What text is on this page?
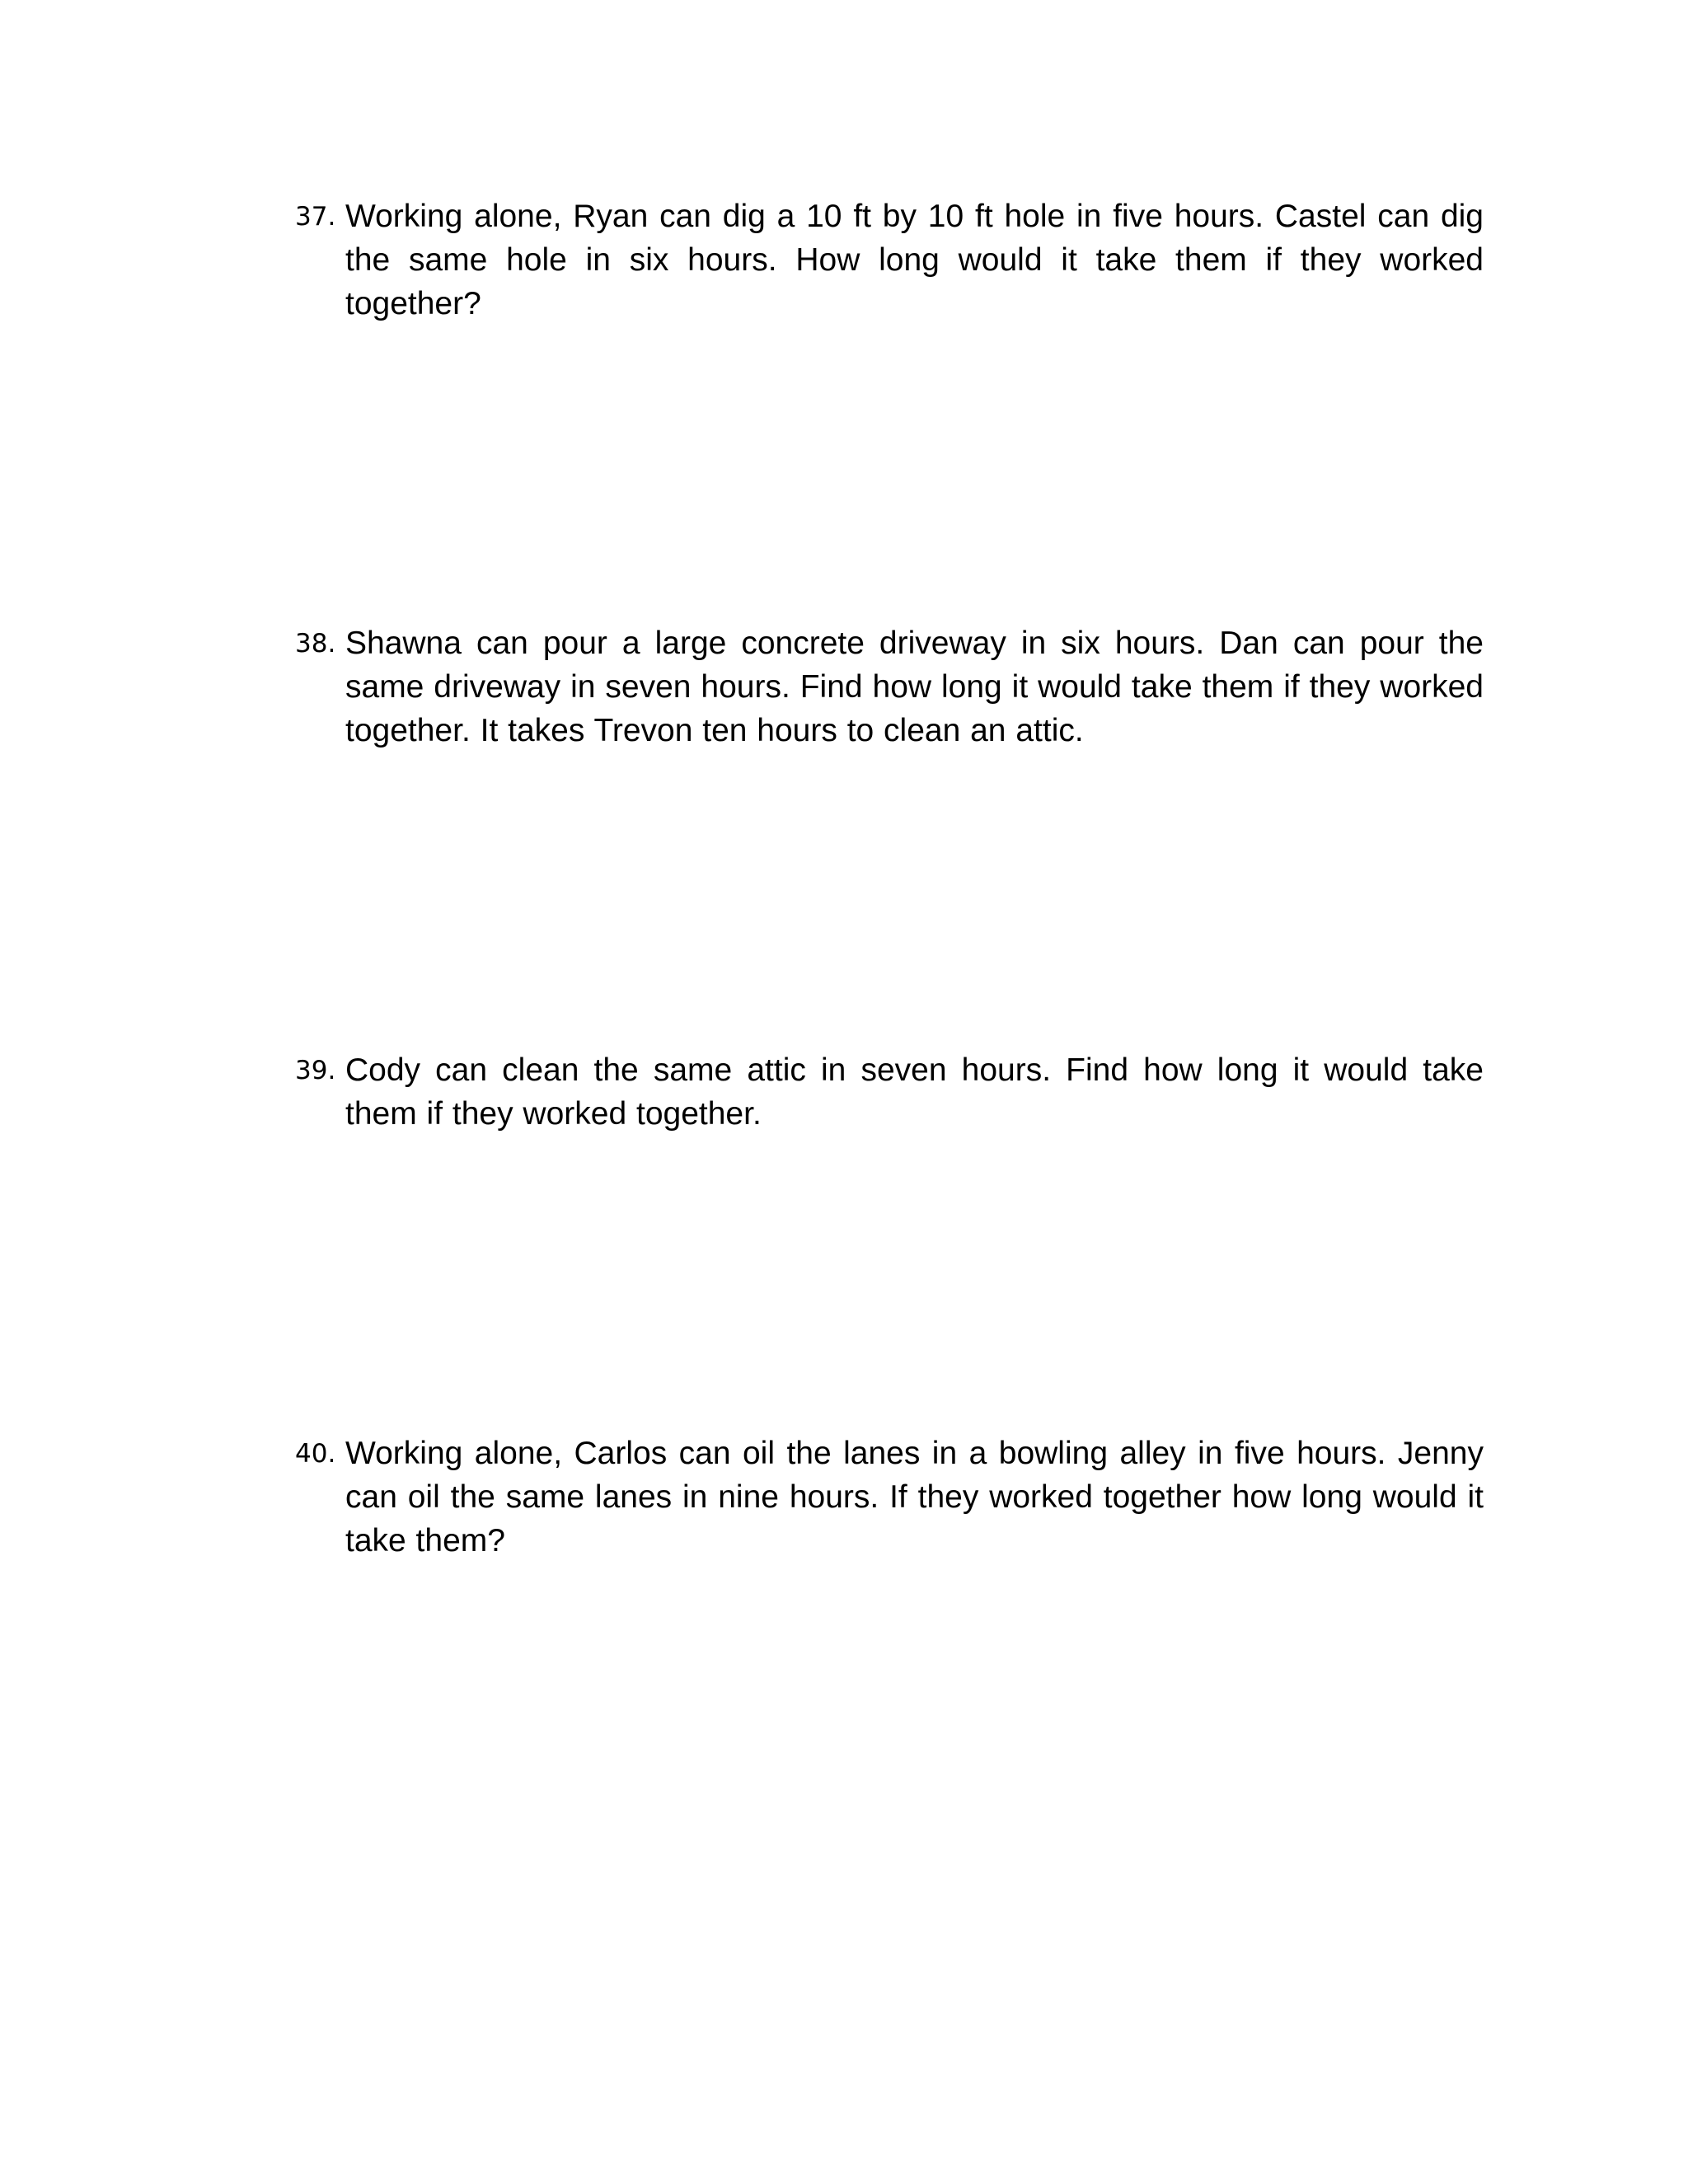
37. Working alone, Ryan can dig a 10 ft by 10 ft hole in five hours. Castel can dig the same hole in six hours. How long would it take them if they worked together?
38. Shawna can pour a large concrete driveway in six hours. Dan can pour the same driveway in seven hours. Find how long it would take them if they worked together. It takes Trevon ten hours to clean an attic.
39. Cody can clean the same attic in seven hours. Find how long it would take them if they worked together.
40. Working alone, Carlos can oil the lanes in a bowling alley in five hours. Jenny can oil the same lanes in nine hours. If they worked together how long would it take them?
